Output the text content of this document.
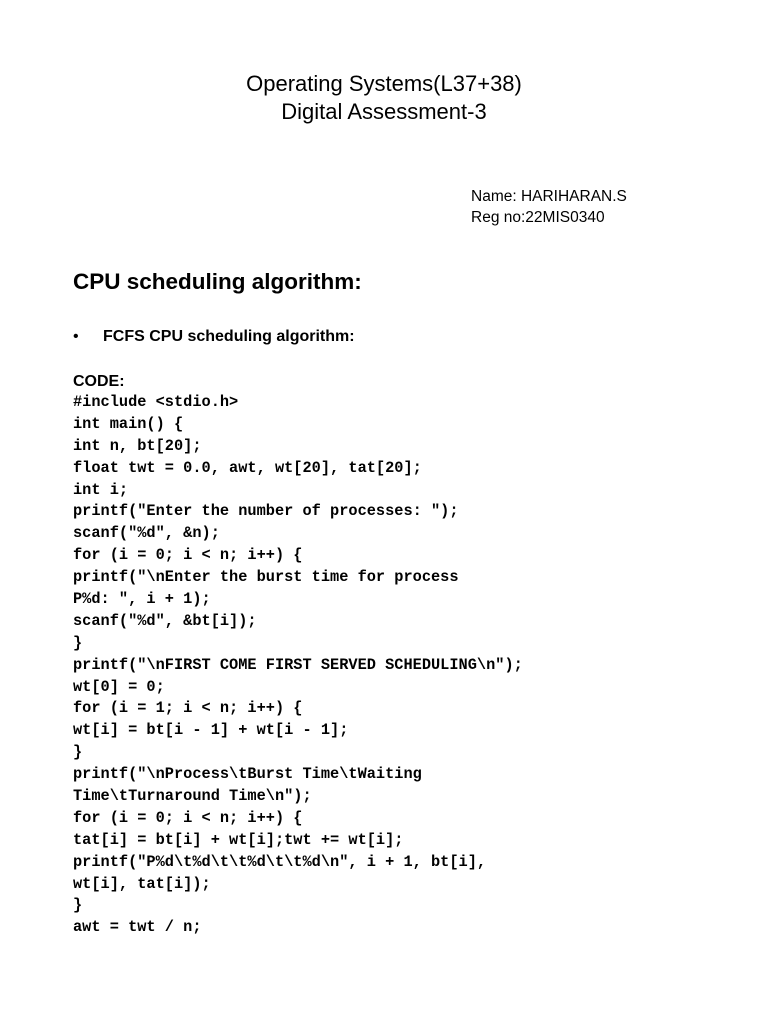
Operating Systems(L37+38)
Digital Assessment-3
Name: HARIHARAN.S
Reg no:22MIS0340
CPU scheduling algorithm:
• FCFS CPU scheduling algorithm:
CODE:
#include <stdio.h>
int main() {
int n, bt[20];
float twt = 0.0, awt, wt[20], tat[20];
int i;
printf("Enter the number of processes: ");
scanf("%d", &n);
for (i = 0; i < n; i++) {
printf("\nEnter the burst time for process
P%d: ", i + 1);
scanf("%d", &bt[i]);
}
printf("\nFIRST COME FIRST SERVED SCHEDULING\n");
wt[0] = 0;
for (i = 1; i < n; i++) {
wt[i] = bt[i - 1] + wt[i - 1];
}
printf("\nProcess\tBurst Time\tWaiting
Time\tTurnaround Time\n");
for (i = 0; i < n; i++) {
tat[i] = bt[i] + wt[i];twt += wt[i];
printf("P%d\t%d\t\t%d\t\t%d\n", i + 1, bt[i],
wt[i], tat[i]);
}
awt = twt / n;
